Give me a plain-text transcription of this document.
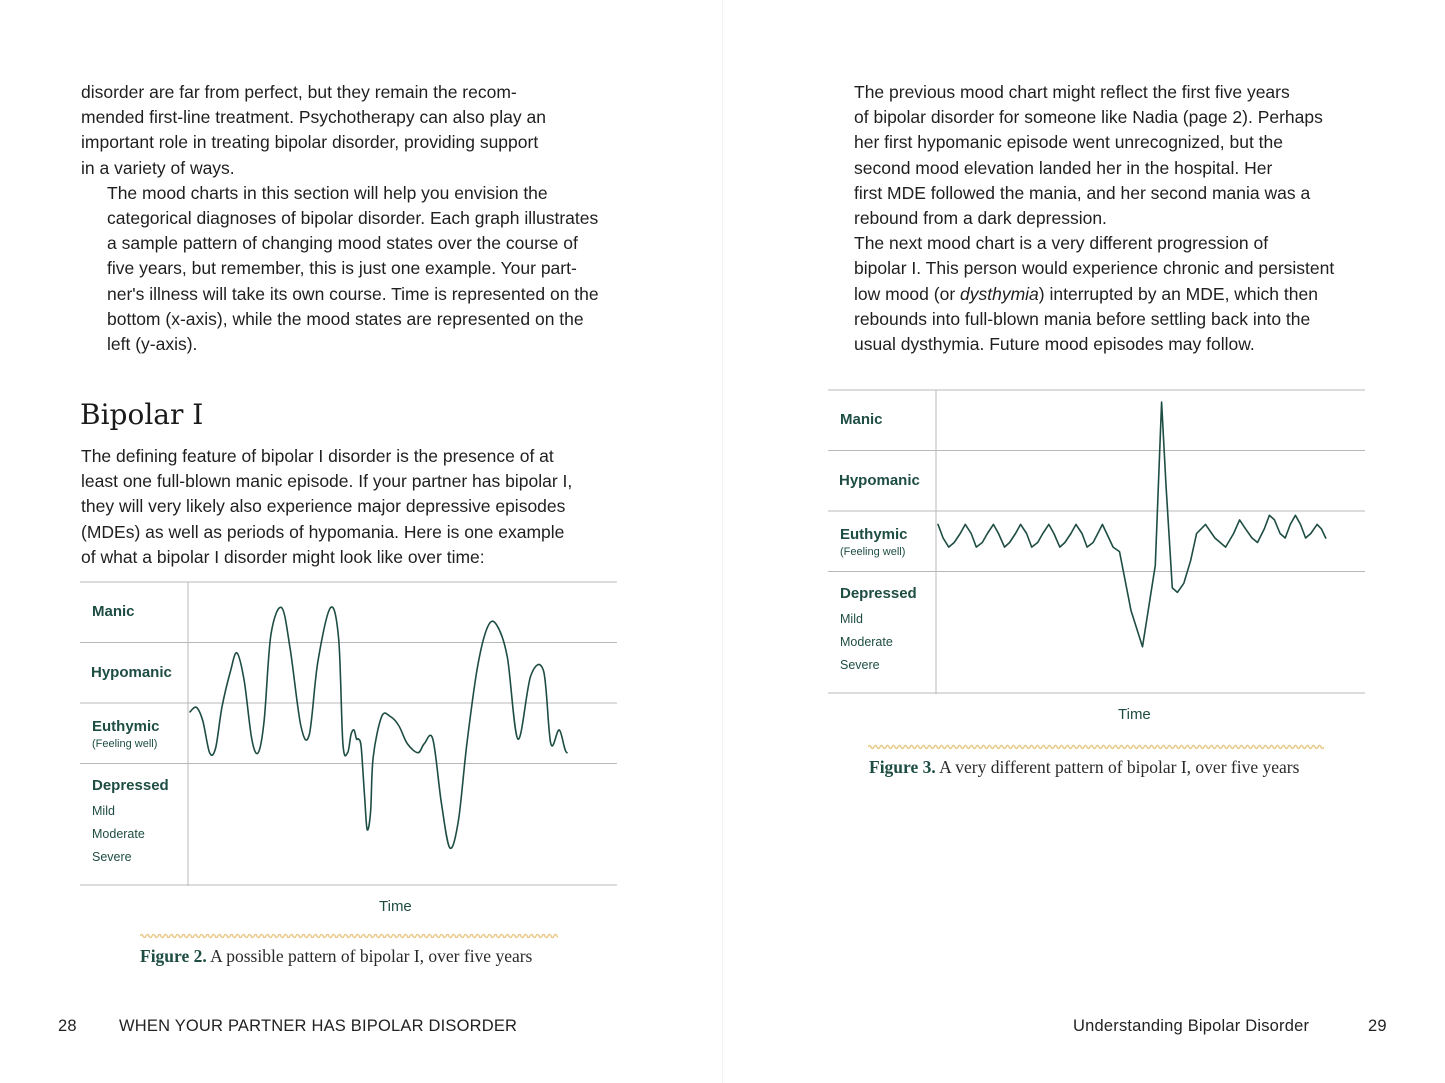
disorder are far from perfect, but they remain the recom-
mended first-line treatment. Psychotherapy can also play an
important role in treating bipolar disorder, providing support
in a variety of ways.

The mood charts in this section will help you envision the
categorical diagnoses of bipolar disorder. Each graph illustrates
a sample pattern of changing mood states over the course of
five years, but remember, this is just one example. Your part-
ner's illness will take its own course. Time is represented on the
bottom (x-axis), while the mood states are represented on the
left (y-axis).

Bipolar I

The defining feature of bipolar I disorder is the presence of at
least one full-blown manic episode. If your partner has bipolar I,
they will very likely also experience major depressive episodes
(MDEs) as well as periods of hypomania. Here is one example
of what a bipolar I disorder might look like over time:

Manic
Hypomanic
Euthymic
(Feeling well)
Depressed
Mild
Moderate
Severe
Time
Figure 2. A possible pattern of bipolar I, over five years
28	WHEN YOUR PARTNER HAS BIPOLAR DISORDER

The previous mood chart might reflect the first five years
of bipolar disorder for someone like Nadia (page 2). Perhaps
her first hypomanic episode went unrecognized, but the
second mood elevation landed her in the hospital. Her
first MDE followed the mania, and her second mania was a
rebound from a dark depression.

The next mood chart is a very different progression of
bipolar I. This person would experience chronic and persistent
low mood (or dysthymia) interrupted by an MDE, which then
rebounds into full-blown mania before settling back into the
usual dysthymia. Future mood episodes may follow.

Manic
Hypomanic
Euthymic
(Feeling well)
Depressed
Mild
Moderate
Severe
Time
Figure 3. A very different pattern of bipolar I, over five years
Understanding Bipolar Disorder	29
